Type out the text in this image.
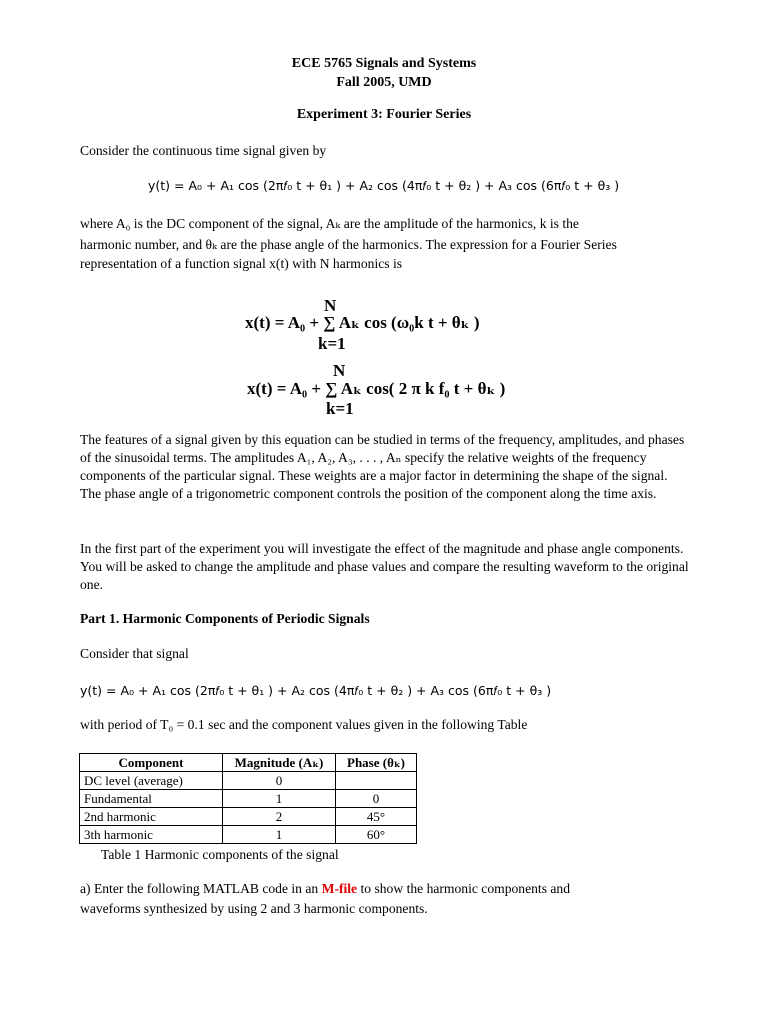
ECE 5765 Signals and Systems
Fall 2005, UMD
Experiment 3: Fourier Series
Consider the continuous time signal given by
y(t) = A₀ + A₁ cos (2π𝑓₀ t + θ₁ ) + A₂ cos (4π𝑓₀ t + θ₂ ) + A₃ cos (6π𝑓₀ t + θ₃ )
where A₀ is the DC component of the signal, Aₖ are the amplitude of the harmonics, k is the
harmonic number, and θₖ are the phase angle of the harmonics. The expression for a Fourier Series
representation of a function signal x(t) with N harmonics is
N
x(t) = A₀ + ∑ Aₖ cos (ω₀k t + θₖ )
k=1
N
x(t) = A₀ + ∑ Aₖ cos( 2 π k f₀ t + θₖ )
k=1
The features of a signal given by this equation can be studied in terms of the frequency, amplitudes, and phases of the sinusoidal terms. The amplitudes A₁, A₂, A₃, . . . , Aₙ specify the relative weights of the frequency components of the particular signal. These weights are a major factor in determining the shape of the signal. The phase angle of a trigonometric component controls the position of the component along the time axis.
In the first part of the experiment you will investigate the effect of the magnitude and phase angle components. You will be asked to change the amplitude and phase values and compare the resulting waveform to the original one.
Part 1. Harmonic Components of Periodic Signals
Consider that signal
y(t) = A₀ + A₁ cos (2π𝑓₀ t + θ₁ ) + A₂ cos (4π𝑓₀ t + θ₂ ) + A₃ cos (6π𝑓₀ t + θ₃ )
with period of T₀ = 0.1 sec and the component values given in the following Table
Component	Magnitude (Aₖ)	Phase (θₖ)
DC level (average)	0	
Fundamental	1	0
2nd harmonic	2	45°
3th harmonic	1	60°
Table 1 Harmonic components of the signal
a) Enter the following MATLAB code in an M-file to show the harmonic components and
waveforms synthesized by using 2 and 3 harmonic components.
